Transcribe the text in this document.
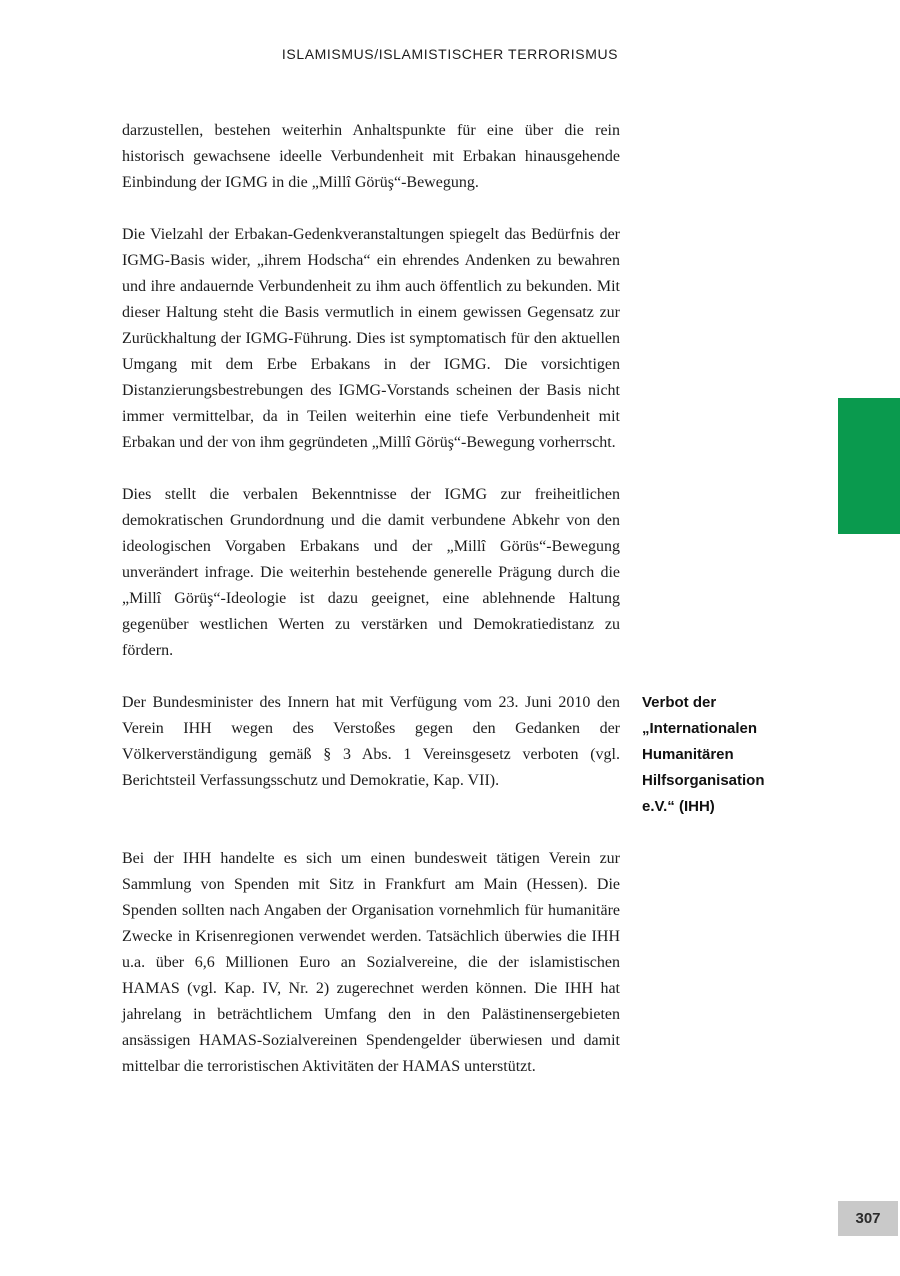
ISLAMISMUS/ISLAMISTISCHER TERRORISMUS

darzustellen, bestehen weiterhin Anhaltspunkte für eine über die rein historisch gewachsene ideelle Verbundenheit mit Erbakan hinausgehende Einbindung der IGMG in die „Millî Görüş“-Bewegung.

Die Vielzahl der Erbakan-Gedenkveranstaltungen spiegelt das Bedürfnis der IGMG-Basis wider, „ihrem Hodscha“ ein ehrendes Andenken zu bewahren und ihre andauernde Verbundenheit zu ihm auch öffentlich zu bekunden. Mit dieser Haltung steht die Basis vermutlich in einem gewissen Gegensatz zur Zurückhaltung der IGMG-Führung. Dies ist symptomatisch für den aktuellen Umgang mit dem Erbe Erbakans in der IGMG. Die vorsichtigen Distanzierungsbestrebungen des IGMG-Vorstands scheinen der Basis nicht immer vermittelbar, da in Teilen weiterhin eine tiefe Verbundenheit mit Erbakan und der von ihm gegründeten „Millî Görüş“-Bewegung vorherrscht.

Dies stellt die verbalen Bekenntnisse der IGMG zur freiheitlichen demokratischen Grundordnung und die damit verbundene Abkehr von den ideologischen Vorgaben Erbakans und der „Millî Görüs“-Bewegung unverändert infrage. Die weiterhin bestehende generelle Prägung durch die „Millî Görüş“-Ideologie ist dazu geeignet, eine ablehnende Haltung gegenüber westlichen Werten zu verstärken und Demokratiedistanz zu fördern.

Der Bundesminister des Innern hat mit Verfügung vom 23. Juni 2010 den Verein IHH wegen des Verstoßes gegen den Gedanken der Völkerverständigung gemäß § 3 Abs. 1 Vereinsgesetz verboten (vgl. Berichtsteil Verfassungsschutz und Demokratie, Kap. VII).

Verbot der
„Internationalen
Humanitären
Hilfsorganisation
e.V.“ (IHH)

Bei der IHH handelte es sich um einen bundesweit tätigen Verein zur Sammlung von Spenden mit Sitz in Frankfurt am Main (Hessen). Die Spenden sollten nach Angaben der Organisation vornehmlich für humanitäre Zwecke in Krisenregionen verwendet werden. Tatsächlich überwies die IHH u.a. über 6,6 Millionen Euro an Sozialvereine, die der islamistischen HAMAS (vgl. Kap. IV, Nr. 2) zugerechnet werden können. Die IHH hat jahrelang in beträchtlichem Umfang den in den Palästinensergebieten ansässigen HAMAS-Sozialvereinen Spendengelder überwiesen und damit mittelbar die terroristischen Aktivitäten der HAMAS unterstützt.

307
